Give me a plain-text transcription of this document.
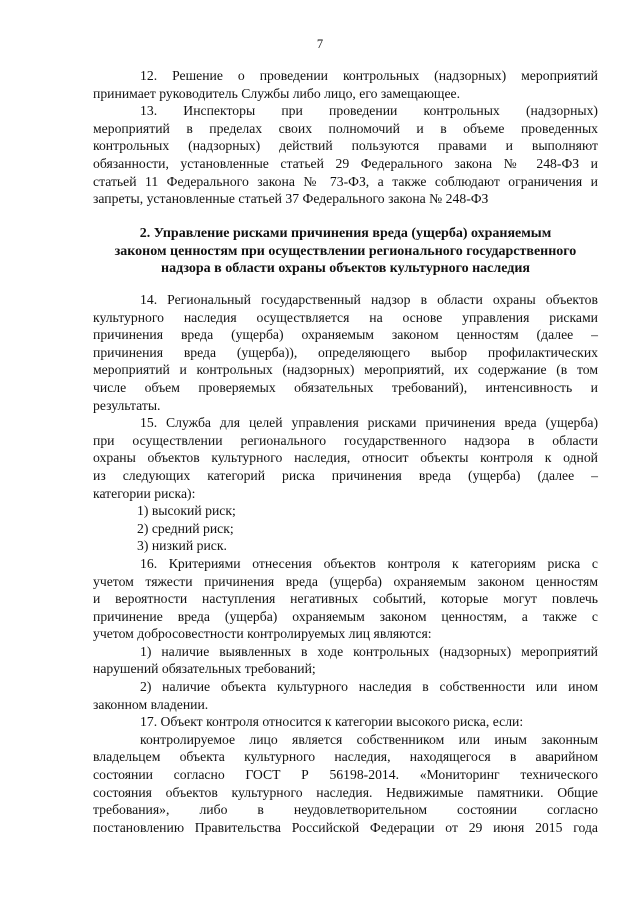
7
12. Решение о проведении контрольных (надзорных) мероприятий
принимает руководитель Службы либо лицо, его замещающее.
13. Инспекторы при проведении контрольных (надзорных)
мероприятий в пределах своих полномочий и в объеме проведенных
контрольных (надзорных) действий пользуются правами и выполняют
обязанности, установленные статьей 29 Федерального закона № 248-ФЗ и
статьей 11 Федерального закона № 73-ФЗ, а также соблюдают ограничения и
запреты, установленные статьей 37 Федерального закона № 248-ФЗ
2. Управление рисками причинения вреда (ущерба) охраняемым
законом ценностям при осуществлении регионального государственного
надзора в области охраны объектов культурного наследия
14. Региональный государственный надзор в области охраны объектов
культурного наследия осуществляется на основе управления рисками
причинения вреда (ущерба) охраняемым законом ценностям (далее –
причинения вреда (ущерба)), определяющего выбор профилактических
мероприятий и контрольных (надзорных) мероприятий, их содержание (в том
числе объем проверяемых обязательных требований), интенсивность и
результаты.
15. Служба для целей управления рисками причинения вреда (ущерба)
при осуществлении регионального государственного надзора в области
охраны объектов культурного наследия, относит объекты контроля к одной
из следующих категорий риска причинения вреда (ущерба) (далее –
категории риска):
1) высокий риск;
2) средний риск;
3) низкий риск.
16. Критериями отнесения объектов контроля к категориям риска с
учетом тяжести причинения вреда (ущерба) охраняемым законом ценностям
и вероятности наступления негативных событий, которые могут повлечь
причинение вреда (ущерба) охраняемым законом ценностям, а также с
учетом добросовестности контролируемых лиц являются:
1) наличие выявленных в ходе контрольных (надзорных) мероприятий
нарушений обязательных требований;
2) наличие объекта культурного наследия в собственности или ином
законном владении.
17. Объект контроля относится к категории высокого риска, если:
контролируемое лицо является собственником или иным законным
владельцем объекта культурного наследия, находящегося в аварийном
состоянии согласно ГОСТ Р 56198-2014. «Мониторинг технического
состояния объектов культурного наследия. Недвижимые памятники. Общие
требования», либо в неудовлетворительном состоянии согласно
постановлению Правительства Российской Федерации от 29 июня 2015 года
